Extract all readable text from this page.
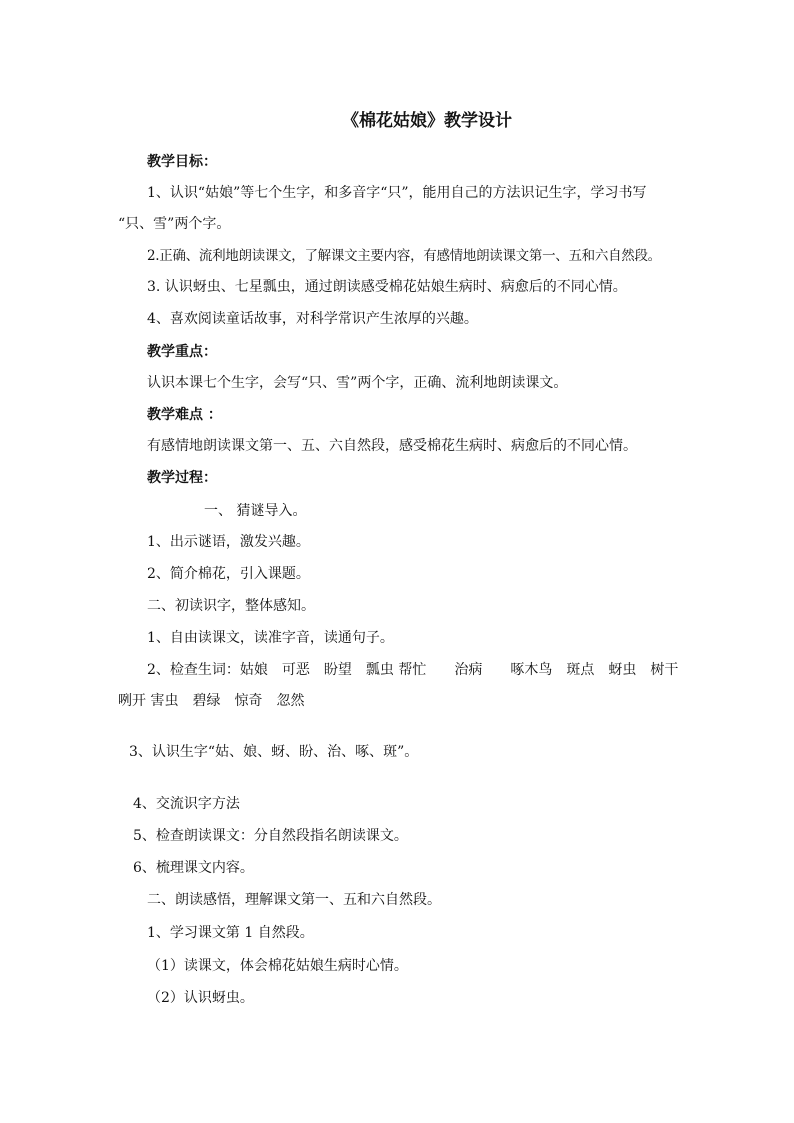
《棉花姑娘》教学设计
教学目标：
1、认识“姑娘”等七个生字，和多音字“只”，能用自己的方法识记生字，学习书写
“只、雪”两个字。
2.正确、流利地朗读课文，了解课文主要内容，有感情地朗读课文第一、五和六自然段。
3. 认识蚜虫、七星瓢虫，通过朗读感受棉花姑娘生病时、病愈后的不同心情。
4、喜欢阅读童话故事，对科学常识产生浓厚的兴趣。
教学重点：
认识本课七个生字，会写“只、雪”两个字，正确、流利地朗读课文。
教学难点 ：
有感情地朗读课文第一、五、六自然段，感受棉花生病时、病愈后的不同心情。
教学过程：
一、 猜谜导入。
1、出示谜语，激发兴趣。
2、简介棉花，引入课题。
二、初读识字，整体感知。
1、自由读课文，读准字音，读通句子。
2、检查生词：姑娘　可恶　盼望　瓢虫 帮忙　　治病　　啄木鸟　斑点　蚜虫　树干
咧开 害虫　碧绿　惊奇　忽然
3、认识生字“姑、娘、蚜、盼、治、啄、斑”。
4、交流识字方法
5、检查朗读课文：分自然段指名朗读课文。
6、梳理课文内容。
二、朗读感悟，理解课文第一、五和六自然段。
1、学习课文第 1 自然段。
（1）读课文，体会棉花姑娘生病时心情。
（2）认识蚜虫。
